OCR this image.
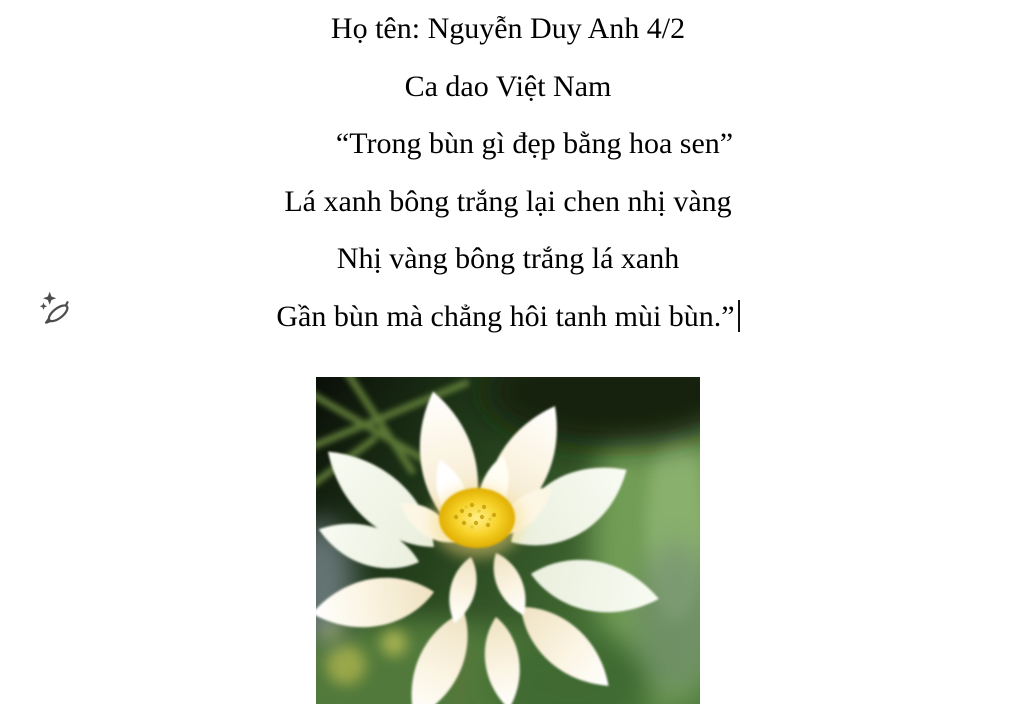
Họ tên: Nguyễn Duy Anh 4/2

Ca dao Việt Nam

“Trong bùn gì đẹp bằng hoa sen”

Lá xanh bông trắng lại chen nhị vàng

Nhị vàng bông trắng lá xanh

Gần bùn mà chẳng hôi tanh mùi bùn.”
